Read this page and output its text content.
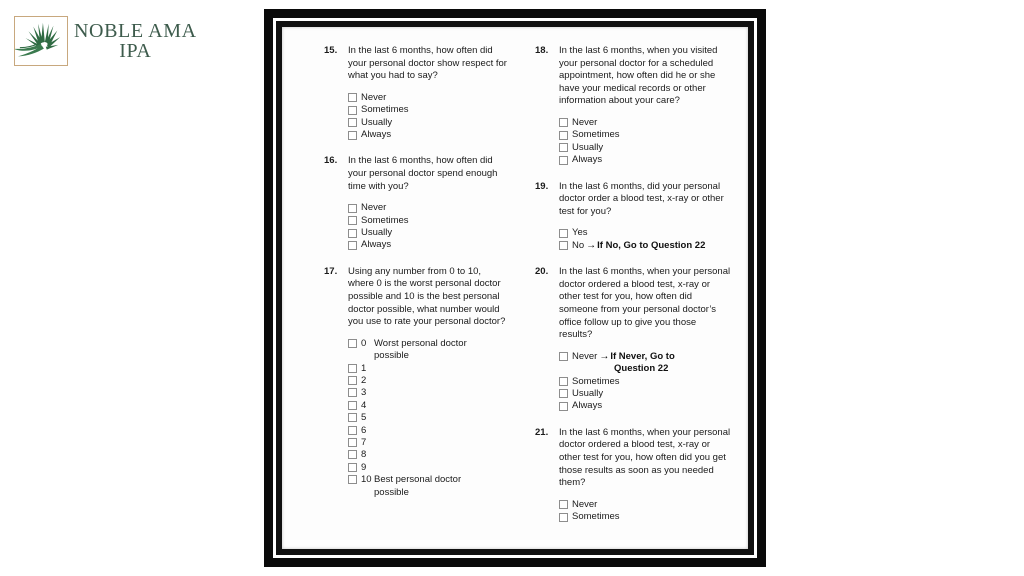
NOBLE AMA
IPA	15.	In the last 6 months, how often did your personal doctor show respect for what you had to say?
Never
Sometimes
Usually
Always
16.	In the last 6 months, how often did your personal doctor spend enough time with you?
Never
Sometimes
Usually
Always
17.	Using any number from 0 to 10, where 0 is the worst personal doctor possible and 10 is the best personal doctor possible, what number would you use to rate your personal doctor?
0 Worst personal doctor
possible
1
2
3
4
5
6
7
8
9
10 Best personal doctor
possible
18.	In the last 6 months, when you visited your personal doctor for a scheduled appointment, how often did he or she have your medical records or other information about your care?
Never
Sometimes
Usually
Always
19.	In the last 6 months, did your personal doctor order a blood test, x-ray or other test for you?
Yes
No → If No, Go to Question 22
20.	In the last 6 months, when your personal doctor ordered a blood test, x-ray or other test for you, how often did someone from your personal doctor’s office follow up to give you those results?
Never → If Never, Go to
Question 22
Sometimes
Usually
Always
21.	In the last 6 months, when your personal doctor ordered a blood test, x-ray or other test for you, how often did you get those results as soon as you needed them?
Never
Sometimes
